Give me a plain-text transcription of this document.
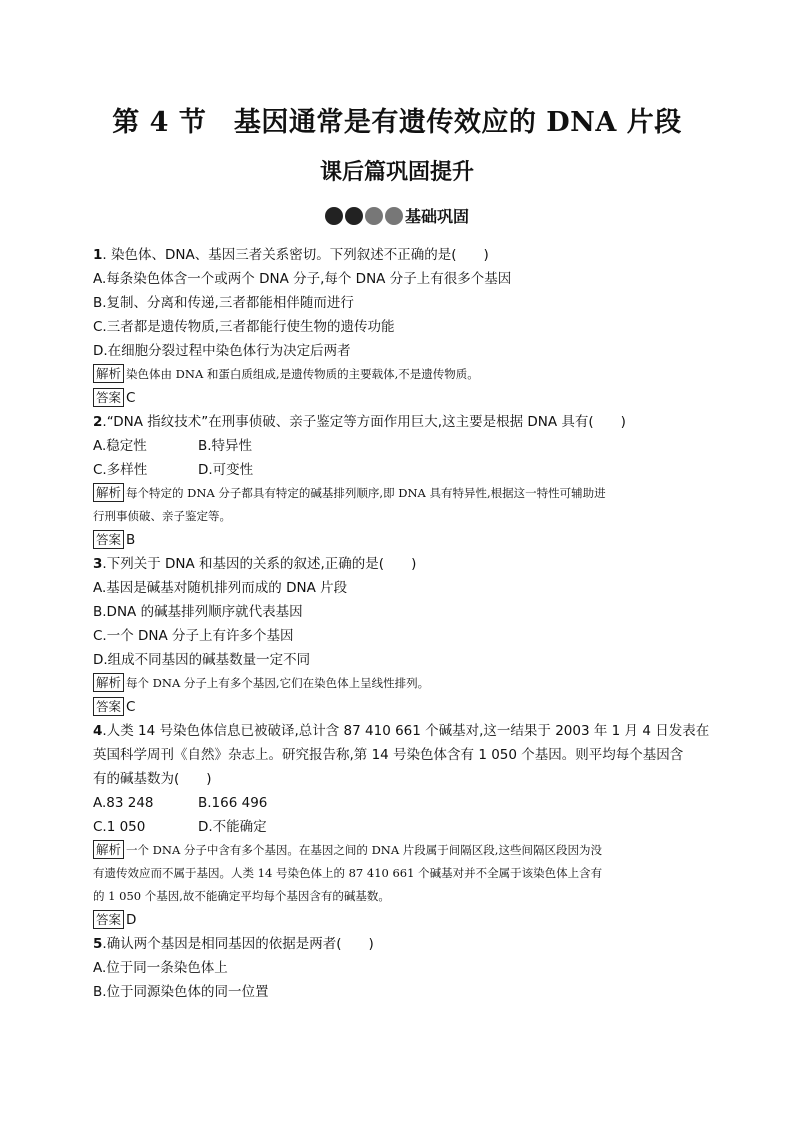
第 4 节　基因通常是有遗传效应的 DNA 片段
课后篇巩固提升
基础巩固
1. 染色体、DNA、基因三者关系密切。下列叙述不正确的是(　　)
A.每条染色体含一个或两个 DNA 分子,每个 DNA 分子上有很多个基因
B.复制、分离和传递,三者都能相伴随而进行
C.三者都是遗传物质,三者都能行使生物的遗传功能
D.在细胞分裂过程中染色体行为决定后两者
解析 染色体由 DNA 和蛋白质组成,是遗传物质的主要载体,不是遗传物质。
答案 C
2.“DNA 指纹技术”在刑事侦破、亲子鉴定等方面作用巨大,这主要是根据 DNA 具有(　　)
A.稳定性	B.特异性
C.多样性	D.可变性
解析 每个特定的 DNA 分子都具有特定的碱基排列顺序,即 DNA 具有特异性,根据这一特性可辅助进
行刑事侦破、亲子鉴定等。
答案 B
3.下列关于 DNA 和基因的关系的叙述,正确的是(　　)
A.基因是碱基对随机排列而成的 DNA 片段
B.DNA 的碱基排列顺序就代表基因
C.一个 DNA 分子上有许多个基因
D.组成不同基因的碱基数量一定不同
解析 每个 DNA 分子上有多个基因,它们在染色体上呈线性排列。
答案 C
4.人类 14 号染色体信息已被破译,总计含 87 410 661 个碱基对,这一结果于 2003 年 1 月 4 日发表在
英国科学周刊《自然》杂志上。研究报告称,第 14 号染色体含有 1 050 个基因。则平均每个基因含
有的碱基数为(　　)
A.83 248	B.166 496
C.1 050	D.不能确定
解析 一个 DNA 分子中含有多个基因。在基因之间的 DNA 片段属于间隔区段,这些间隔区段因为没
有遗传效应而不属于基因。人类 14 号染色体上的 87 410 661 个碱基对并不全属于该染色体上含有
的 1 050 个基因,故不能确定平均每个基因含有的碱基数。
答案 D
5.确认两个基因是相同基因的依据是两者(　　)
A.位于同一条染色体上
B.位于同源染色体的同一位置
